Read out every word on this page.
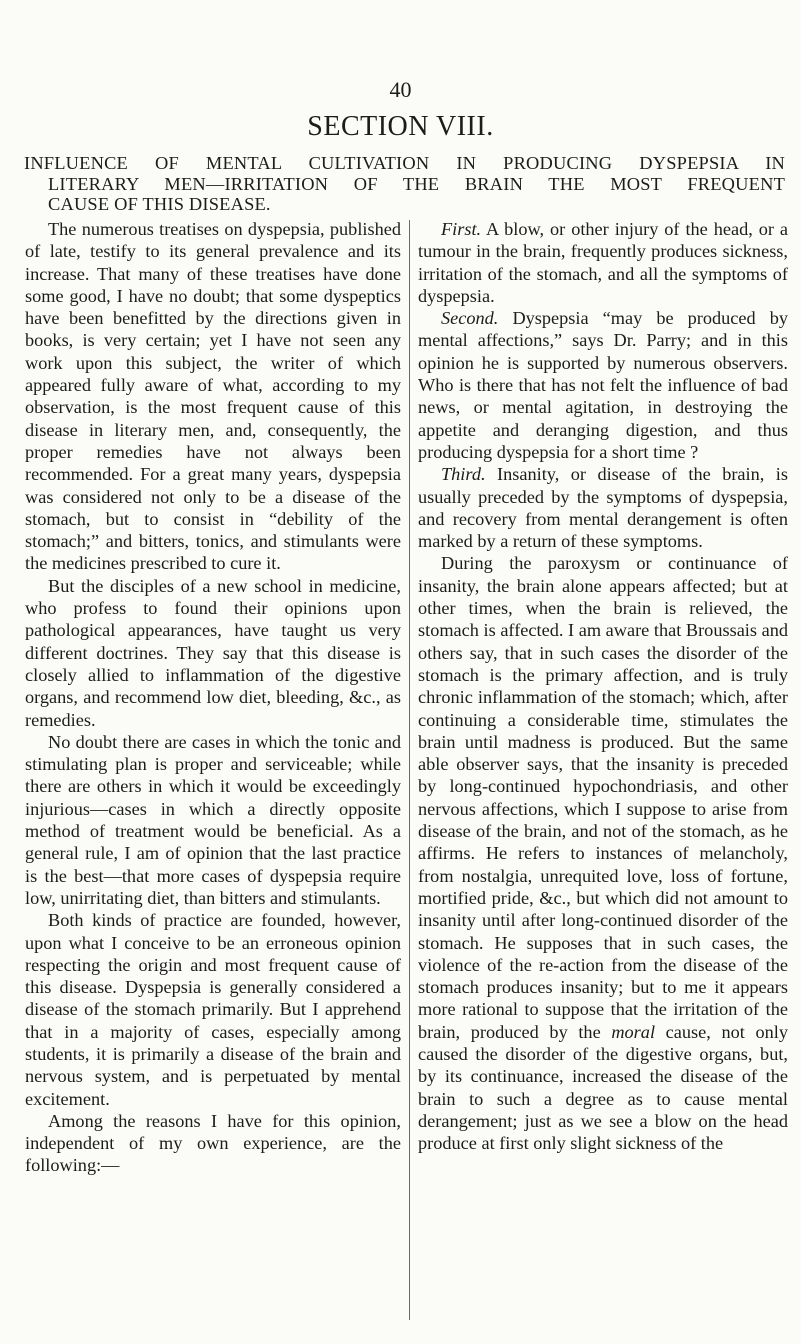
40
SECTION VIII.
INFLUENCE OF MENTAL CULTIVATION IN PRODUCING DYSPEPSIA IN
LITERARY MEN—IRRITATION OF THE BRAIN THE MOST FREQUENT
CAUSE OF THIS DISEASE.

The numerous treatises on dyspepsia, published of late, testify to its general prevalence and its increase. That many of these treatises have done some good, I have no doubt; that some dyspeptics have been benefitted by the directions given in books, is very certain; yet I have not seen any work upon this subject, the writer of which appeared fully aware of what, according to my observation, is the most frequent cause of this disease in literary men, and, consequently, the proper remedies have not always been recommended. For a great many years, dyspepsia was considered not only to be a disease of the stomach, but to consist in “debility of the stomach;” and bitters, tonics, and stimulants were the medicines prescribed to cure it.

But the disciples of a new school in medicine, who profess to found their opinions upon pathological appearances, have taught us very different doctrines. They say that this disease is closely allied to inflammation of the digestive organs, and recommend low diet, bleeding, &c., as remedies.

No doubt there are cases in which the tonic and stimulating plan is proper and serviceable; while there are others in which it would be exceedingly injurious—cases in which a directly opposite method of treatment would be beneficial. As a general rule, I am of opinion that the last practice is the best—that more cases of dyspepsia require low, unirritating diet, than bitters and stimulants.

Both kinds of practice are founded, however, upon what I conceive to be an erroneous opinion respecting the origin and most frequent cause of this disease. Dyspepsia is generally considered a disease of the stomach primarily. But I apprehend that in a majority of cases, especially among students, it is primarily a disease of the brain and nervous system, and is perpetuated by mental excitement.

Among the reasons I have for this opinion, independent of my own experience, are the following:—

First. A blow, or other injury of the head, or a tumour in the brain, frequently produces sickness, irritation of the stomach, and all the symptoms of dyspepsia.

Second. Dyspepsia “may be produced by mental affections,” says Dr. Parry; and in this opinion he is supported by numerous observers. Who is there that has not felt the influence of bad news, or mental agitation, in destroying the appetite and deranging digestion, and thus producing dyspepsia for a short time ?

Third. Insanity, or disease of the brain, is usually preceded by the symptoms of dyspepsia, and recovery from mental derangement is often marked by a return of these symptoms.

During the paroxysm or continuance of insanity, the brain alone appears affected; but at other times, when the brain is relieved, the stomach is affected. I am aware that Broussais and others say, that in such cases the disorder of the stomach is the primary affection, and is truly chronic inflammation of the stomach; which, after continuing a considerable time, stimulates the brain until madness is produced. But the same able observer says, that the insanity is preceded by long-continued hypochondriasis, and other nervous affections, which I suppose to arise from disease of the brain, and not of the stomach, as he affirms. He refers to instances of melancholy, from nostalgia, unrequited love, loss of fortune, mortified pride, &c., but which did not amount to insanity until after long-continued disorder of the stomach. He supposes that in such cases, the violence of the re-action from the disease of the stomach produces insanity; but to me it appears more rational to suppose that the irritation of the brain, produced by the moral cause, not only caused the disorder of the digestive organs, but, by its continuance, increased the disease of the brain to such a degree as to cause mental derangement; just as we see a blow on the head produce at first only slight sickness of the
